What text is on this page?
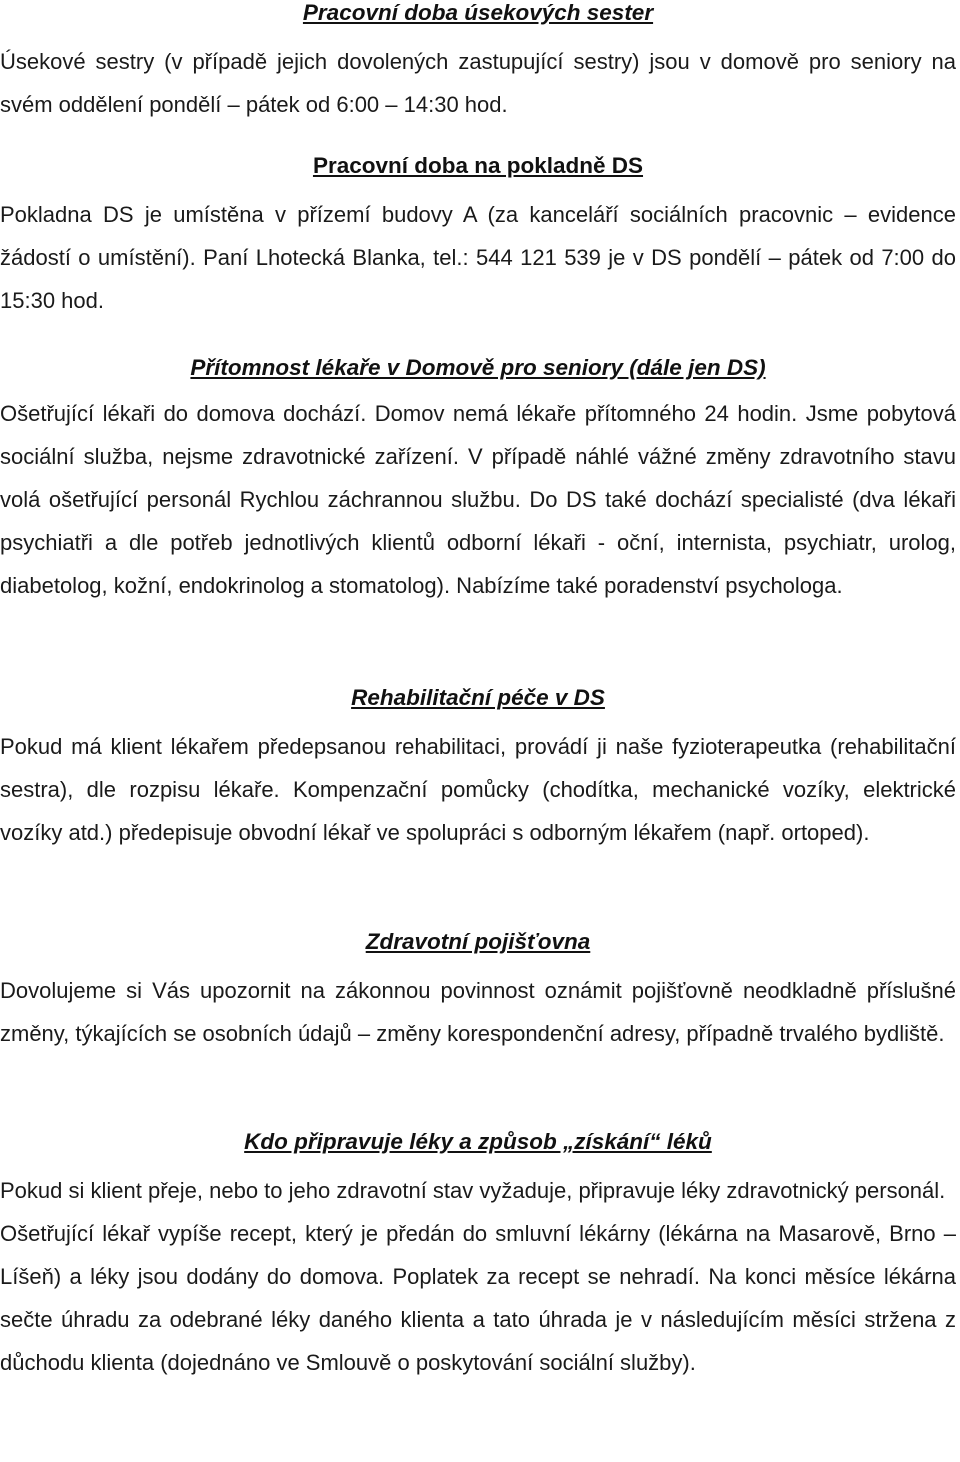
Pracovní doba úsekových sester

Úsekové sestry (v případě jejich dovolených zastupující sestry) jsou v domově pro seniory na svém oddělení pondělí – pátek od 6:00 – 14:30 hod.

Pracovní doba na pokladně DS

Pokladna DS je umístěna v přízemí budovy A (za kanceláří sociálních pracovnic – evidence žádostí o umístění). Paní Lhotecká Blanka, tel.: 544 121 539 je v DS pondělí – pátek od 7:00 do 15:30 hod.

Přítomnost lékaře v Domově pro seniory (dále jen DS)

Ošetřující lékaři do domova dochází. Domov nemá lékaře přítomného 24 hodin. Jsme pobytová sociální služba, nejsme zdravotnické zařízení. V případě náhlé vážné změny zdravotního stavu volá ošetřující personál Rychlou záchrannou službu. Do DS také dochází specialisté (dva lékaři psychiatři a dle potřeb jednotlivých klientů odborní lékaři - oční, internista, psychiatr, urolog, diabetolog, kožní, endokrinolog a stomatolog). Nabízíme také poradenství psychologa.

Rehabilitační péče v DS

Pokud má klient lékařem předepsanou rehabilitaci, provádí ji naše fyzioterapeutka (rehabilitační sestra), dle rozpisu lékaře. Kompenzační pomůcky (chodítka, mechanické vozíky, elektrické vozíky atd.) předepisuje obvodní lékař ve spolupráci s odborným lékařem (např. ortoped).

Zdravotní pojišťovna

Dovolujeme si Vás upozornit na zákonnou povinnost oznámit pojišťovně neodkladně příslušné změny, týkajících se osobních údajů – změny korespondenční adresy, případně trvalého bydliště.

Kdo připravuje léky a způsob „získání“ léků

Pokud si klient přeje, nebo to jeho zdravotní stav vyžaduje, připravuje léky zdravotnický personál.

Ošetřující lékař vypíše recept, který je předán do smluvní lékárny (lékárna na Masarově, Brno – Líšeň) a léky jsou dodány do domova. Poplatek za recept se nehradí. Na konci měsíce lékárna sečte úhradu za odebrané léky daného klienta a tato úhrada je v následujícím měsíci stržena z důchodu klienta (dojednáno ve Smlouvě o poskytování sociální služby).
